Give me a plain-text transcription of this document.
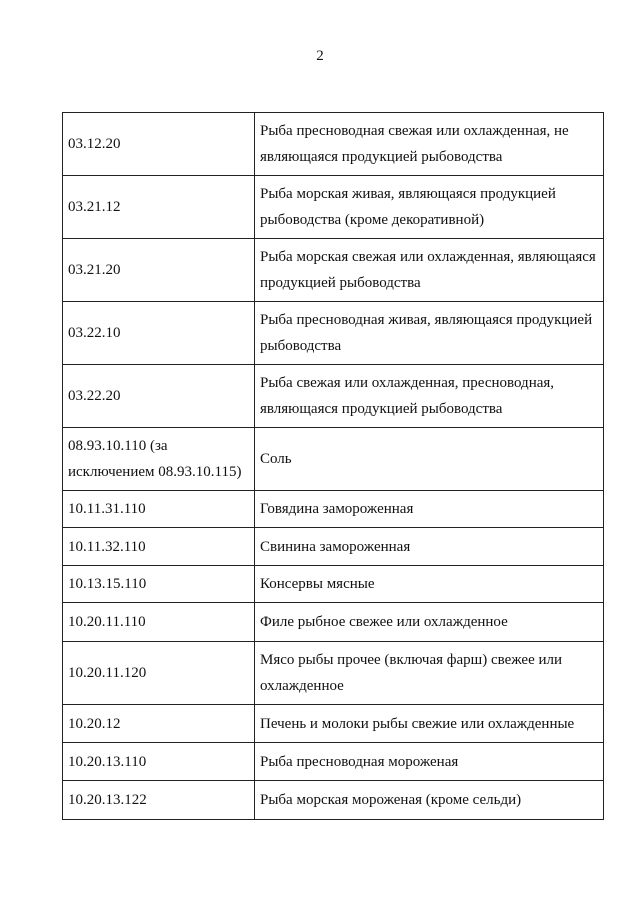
2
03.12.20	Рыба пресноводная свежая или охлажденная, не являющаяся продукцией рыбоводства
03.21.12	Рыба морская живая, являющаяся продукцией рыбоводства (кроме декоративной)
03.21.20	Рыба морская свежая или охлажденная, являющаяся продукцией рыбоводства
03.22.10	Рыба пресноводная живая, являющаяся продукцией рыбоводства
03.22.20	Рыба свежая или охлажденная, пресноводная, являющаяся продукцией рыбоводства
08.93.10.110 (за исключением 08.93.10.115)	Соль
10.11.31.110	Говядина замороженная
10.11.32.110	Свинина замороженная
10.13.15.110	Консервы мясные
10.20.11.110	Филе рыбное свежее или охлажденное
10.20.11.120	Мясо рыбы прочее (включая фарш) свежее или охлажденное
10.20.12	Печень и молоки рыбы свежие или охлажденные
10.20.13.110	Рыба пресноводная мороженая
10.20.13.122	Рыба морская мороженая (кроме сельди)
